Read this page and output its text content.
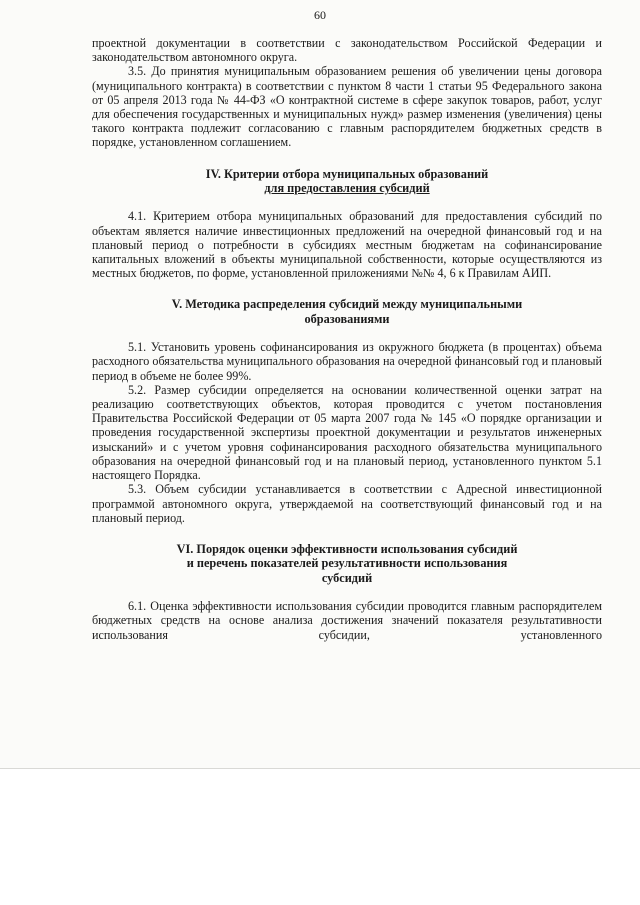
60

проектной документации в соответствии с законодательством Российской Федерации и законодательством автономного округа.

3.5. До принятия муниципальным образованием решения об увеличении цены договора (муниципального контракта) в соответствии с пунктом 8 части 1 статьи 95 Федерального закона от 05 апреля 2013 года № 44-ФЗ «О контрактной системе в сфере закупок товаров, работ, услуг для обеспечения государственных и муниципальных нужд» размер изменения (увеличения) цены такого контракта подлежит согласованию с главным распорядителем бюджетных средств в порядке, установленном соглашением.

IV. Критерии отбора муниципальных образований
для предоставления субсидий

4.1. Критерием отбора муниципальных образований для предоставления субсидий по объектам является наличие инвестиционных предложений на очередной финансовый год и на плановый период о потребности в субсидиях местным бюджетам на софинансирование капитальных вложений в объекты муниципальной собственности, которые осуществляются из местных бюджетов, по форме, установленной приложениями №№ 4, 6 к Правилам АИП.

V. Методика распределения субсидий между муниципальными
образованиями

5.1. Установить уровень софинансирования из окружного бюджета (в процентах) объема расходного обязательства муниципального образования на очередной финансовый год и плановый период в объеме не более 99%.

5.2. Размер субсидии определяется на основании количественной оценки затрат на реализацию соответствующих объектов, которая проводится с учетом постановления Правительства Российской Федерации от 05 марта 2007 года № 145 «О порядке организации и проведения государственной экспертизы проектной документации и результатов инженерных изысканий» и с учетом уровня софинансирования расходного обязательства муниципального образования на очередной финансовый год и на плановый период, установленного пунктом 5.1 настоящего Порядка.

5.3. Объем субсидии устанавливается в соответствии с Адресной инвестиционной программой автономного округа, утверждаемой на соответствующий финансовый год и на плановый период.

VI. Порядок оценки эффективности использования субсидий
и перечень показателей результативности использования
субсидий

6.1. Оценка эффективности использования субсидии проводится главным распорядителем бюджетных средств на основе анализа достижения значений показателя результативности использования субсидии, установленного
